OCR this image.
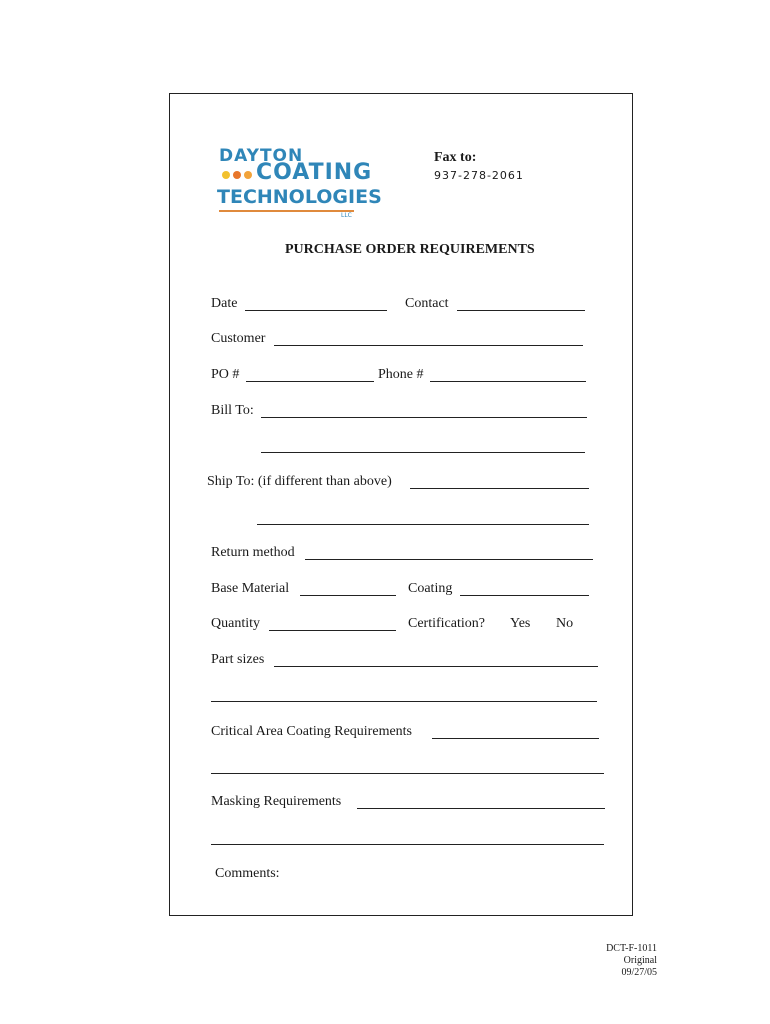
DAYTON
COATING
TECHNOLOGIES
LLC
Fax to:
937-278-2061
PURCHASE ORDER REQUIREMENTS
Date	Contact
Customer
PO #	Phone #
Bill To:
Ship To: (if different than above)
Return method
Base Material	Coating
Quantity	Certification? Yes No
Part sizes
Critical Area Coating Requirements
Masking Requirements
Comments:
DCT-F-1011
Original
09/27/05
